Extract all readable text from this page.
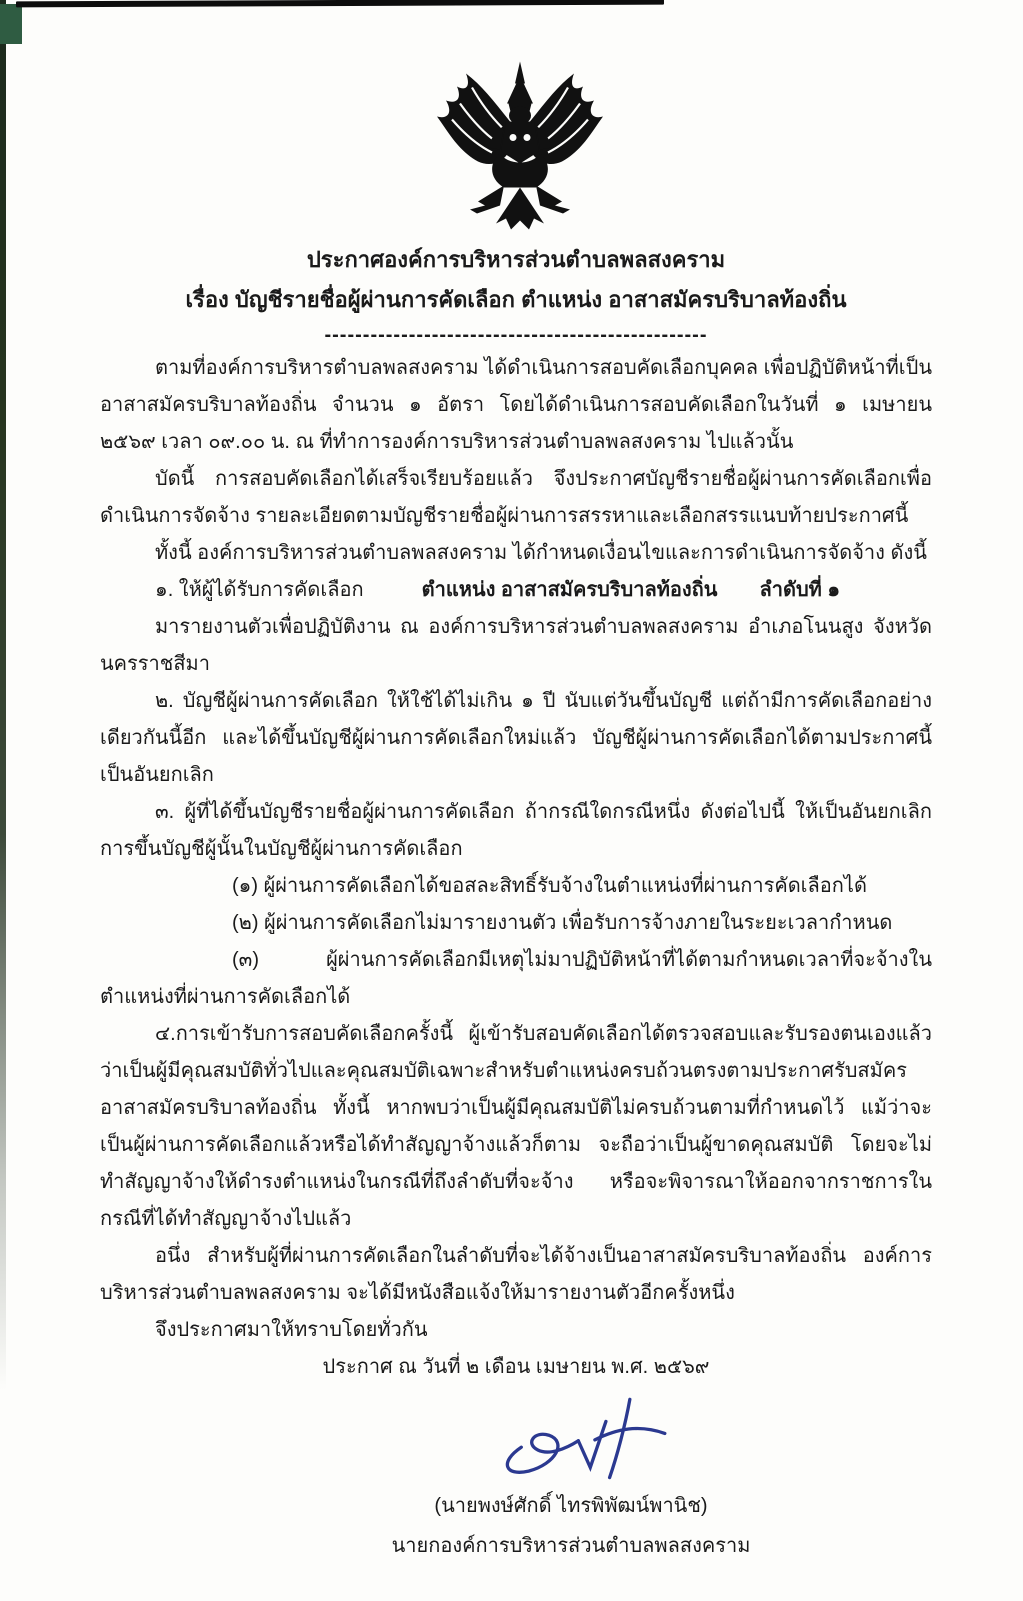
ประกาศองค์การบริหารส่วนตำบลพลสงคราม

เรื่อง บัญชีรายชื่อผู้ผ่านการคัดเลือก ตำแหน่ง อาสาสมัครบริบาลท้องถิ่น

--------------------------------------------------

ตามที่องค์การบริหารตำบลพลสงคราม ได้ดำเนินการสอบคัดเลือกบุคคล เพื่อปฏิบัติหน้าที่เป็นอาสาสมัครบริบาลท้องถิ่น จำนวน ๑ อัตรา โดยได้ดำเนินการสอบคัดเลือกในวันที่ ๑ เมษายน ๒๕๖๙ เวลา ๐๙.๐๐ น. ณ ที่ทำการองค์การบริหารส่วนตำบลพลสงคราม ไปแล้วนั้น

บัดนี้ การสอบคัดเลือกได้เสร็จเรียบร้อยแล้ว จึงประกาศบัญชีรายชื่อผู้ผ่านการคัดเลือกเพื่อดำเนินการจัดจ้าง รายละเอียดตามบัญชีรายชื่อผู้ผ่านการสรรหาและเลือกสรรแนบท้ายประกาศนี้

ทั้งนี้ องค์การบริหารส่วนตำบลพลสงคราม ได้กำหนดเงื่อนไขและการดำเนินการจัดจ้าง ดังนี้

๑. ให้ผู้ได้รับการคัดเลือก	ตำแหน่ง อาสาสมัครบริบาลท้องถิ่น ลำดับที่ ๑

มารายงานตัวเพื่อปฏิบัติงาน ณ องค์การบริหารส่วนตำบลพลสงคราม อำเภอโนนสูง จังหวัดนครราชสีมา

๒. บัญชีผู้ผ่านการคัดเลือก ให้ใช้ได้ไม่เกิน ๑ ปี นับแต่วันขึ้นบัญชี แต่ถ้ามีการคัดเลือกอย่างเดียวกันนี้อีก และได้ขึ้นบัญชีผู้ผ่านการคัดเลือกใหม่แล้ว บัญชีผู้ผ่านการคัดเลือกได้ตามประกาศนี้เป็นอันยกเลิก

๓. ผู้ที่ได้ขึ้นบัญชีรายชื่อผู้ผ่านการคัดเลือก ถ้ากรณีใดกรณีหนึ่ง ดังต่อไปนี้ ให้เป็นอันยกเลิก การขึ้นบัญชีผู้นั้นในบัญชีผู้ผ่านการคัดเลือก

(๑) ผู้ผ่านการคัดเลือกได้ขอสละสิทธิ์รับจ้างในตำแหน่งที่ผ่านการคัดเลือกได้

(๒) ผู้ผ่านการคัดเลือกไม่มารายงานตัว เพื่อรับการจ้างภายในระยะเวลากำหนด

(๓) ผู้ผ่านการคัดเลือกมีเหตุไม่มาปฏิบัติหน้าที่ได้ตามกำหนดเวลาที่จะจ้างในตำแหน่งที่ผ่านการคัดเลือกได้

๔.การเข้ารับการสอบคัดเลือกครั้งนี้ ผู้เข้ารับสอบคัดเลือกได้ตรวจสอบและรับรองตนเองแล้วว่าเป็นผู้มีคุณสมบัติทั่วไปและคุณสมบัติเฉพาะสำหรับตำแหน่งครบถ้วนตรงตามประกาศรับสมัครอาสาสมัครบริบาลท้องถิ่น ทั้งนี้ หากพบว่าเป็นผู้มีคุณสมบัติไม่ครบถ้วนตามที่กำหนดไว้ แม้ว่าจะเป็นผู้ผ่านการคัดเลือกแล้วหรือได้ทำสัญญาจ้างแล้วก็ตาม จะถือว่าเป็นผู้ขาดคุณสมบัติ โดยจะไม่ทำสัญญาจ้างให้ดำรงตำแหน่งในกรณีที่ถึงลำดับที่จะจ้าง หรือจะพิจารณาให้ออกจากราชการในกรณีที่ได้ทำสัญญาจ้างไปแล้ว

อนึ่ง สำหรับผู้ที่ผ่านการคัดเลือกในลำดับที่จะได้จ้างเป็นอาสาสมัครบริบาลท้องถิ่น องค์การบริหารส่วนตำบลพลสงคราม จะได้มีหนังสือแจ้งให้มารายงานตัวอีกครั้งหนึ่ง

จึงประกาศมาให้ทราบโดยทั่วกัน

ประกาศ ณ วันที่ ๒ เดือน เมษายน พ.ศ. ๒๕๖๙

(นายพงษ์ศักดิ์ ไทรพิพัฒน์พานิช)

นายกองค์การบริหารส่วนตำบลพลสงคราม
